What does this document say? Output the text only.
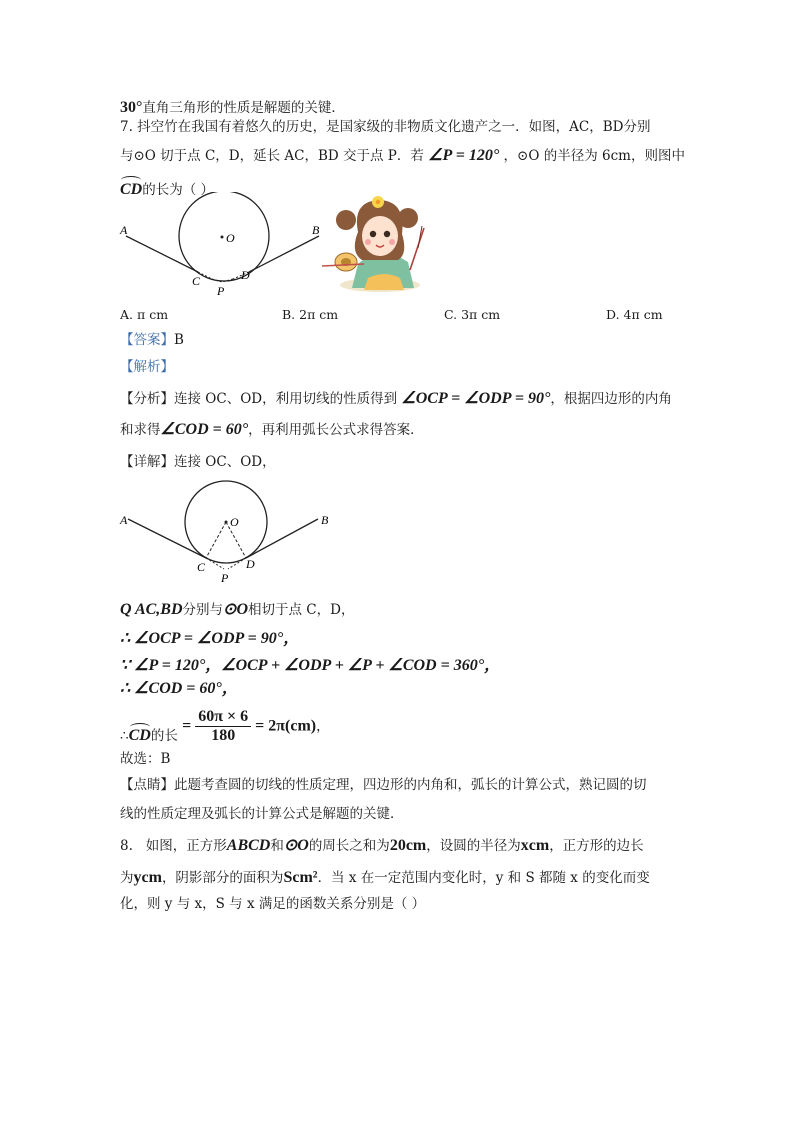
30°直角三角形的性质是解题的关键．
7. 抖空竹在我国有着悠久的历史，是国家级的非物质文化遗产之一．如图，AC，BD分别
与⊙O 切于点 C，D，延长 AC，BD 交于点 P．若 ∠P = 120° ，⊙O 的半径为 6cm，则图中
CD的长为（ ）
A	B
C	D
O
P
A. π cm	B. 2π cm	C. 3π cm	D. 4π cm
【答案】B
【解析】
【分析】连接 OC、OD，利用切线的性质得到 ∠OCP = ∠ODP = 90°，根据四边形的内角
和求得∠COD = 60°，再利用弧长公式求得答案．
【详解】连接 OC、OD，
A	B
C	D
O
P
Q AC,BD分别与⊙O相切于点 C，D，
∴ ∠OCP = ∠ODP = 90°，
∵ ∠P = 120°，∠OCP + ∠ODP + ∠P + ∠COD = 360°，
∴ ∠COD = 60°，
∴CD的长 = $\frac{60\pi \times 6}{180} = 2\pi(cm)$，
故选：B
【点睛】此题考查圆的切线的性质定理，四边形的内角和，弧长的计算公式，熟记圆的切
线的性质定理及弧长的计算公式是解题的关键．
8. 如图，正方形ABCD和⊙O的周长之和为20cm，设圆的半径为xcm，正方形的边长
为ycm，阴影部分的面积为Scm²．当 x 在一定范围内变化时，y 和 S 都随 x 的变化而变
化，则 y 与 x，S 与 x 满足的函数关系分别是（ ）
